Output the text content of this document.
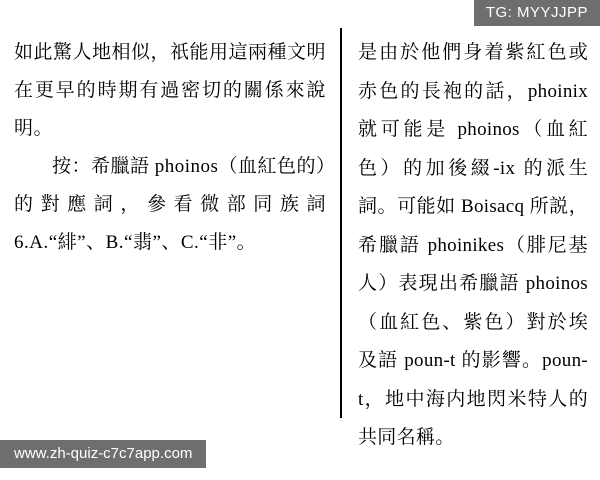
TG: MYYJJPP

如此驚人地相似，祇能用這兩種文明在更早的時期有過密切的關係來說明。

按：希臘語 phoinos（血紅色的）的對應詞，參看微部同族詞 6.A.“緋”、B.“翡”、C.“非”。

是由於他們身着紫紅色或赤色的長袍的話，phoinix 就可能是 phoinos（血紅色）的加後綴-ix 的派生詞。可能如 Boisacq 所説，希臘語 phoinikes（腓尼基人）表現出希臘語 phoinos（血紅色、紫色）對於埃及語 poun-t 的影響。poun-t，地中海内地閃米特人的共同名稱。

www.zh-quiz-c7c7app.com
